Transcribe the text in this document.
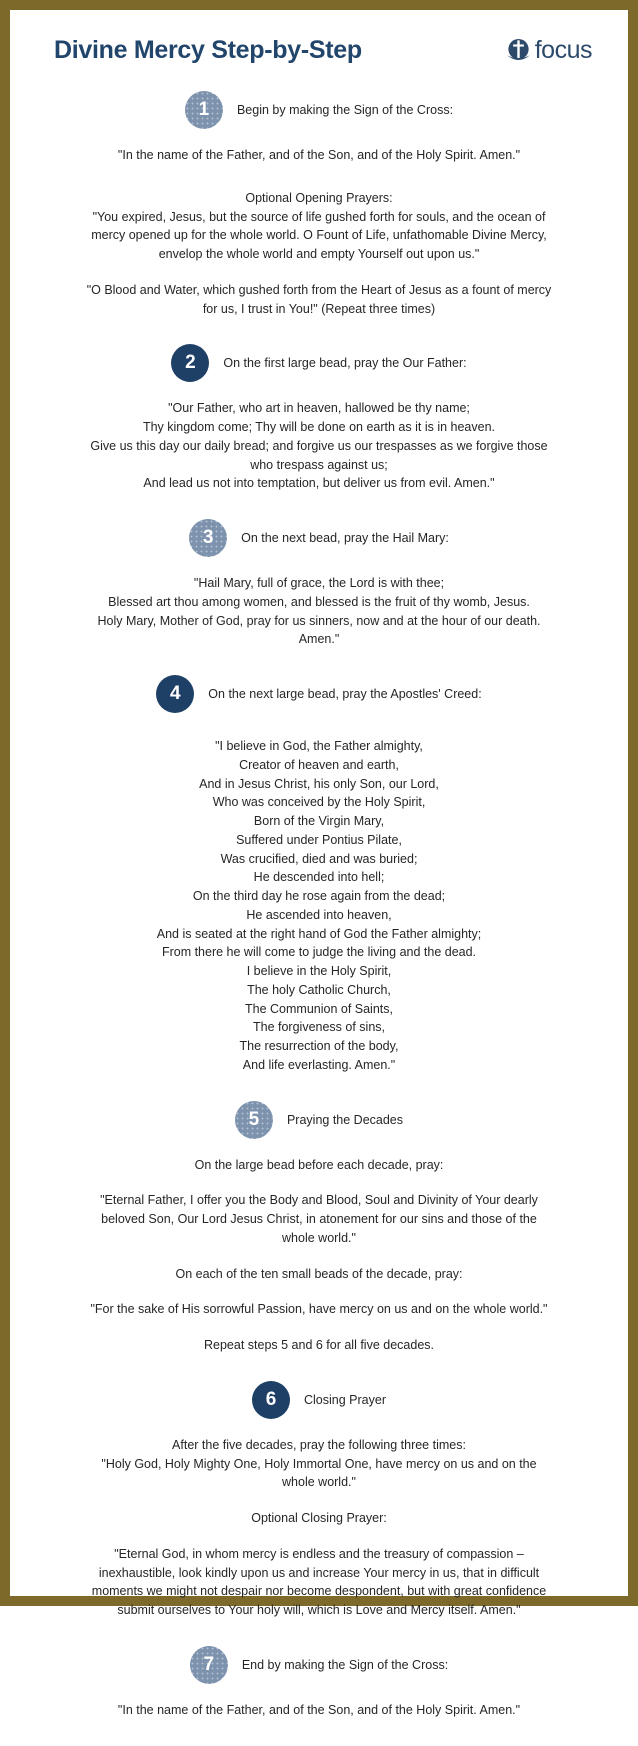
Divine Mercy Step-by-Step	focus
1 Begin by making the Sign of the Cross:
"In the name of the Father, and of the Son, and of the Holy Spirit. Amen."
Optional Opening Prayers:
"You expired, Jesus, but the source of life gushed forth for souls, and the ocean of
mercy opened up for the whole world. O Fount of Life, unfathomable Divine Mercy,
envelop the whole world and empty Yourself out upon us."
"O Blood and Water, which gushed forth from the Heart of Jesus as a fount of mercy
for us, I trust in You!" (Repeat three times)
2 On the first large bead, pray the Our Father:
"Our Father, who art in heaven, hallowed be thy name;
Thy kingdom come; Thy will be done on earth as it is in heaven.
Give us this day our daily bread; and forgive us our trespasses as we forgive those
who trespass against us;
And lead us not into temptation, but deliver us from evil. Amen."
3 On the next bead, pray the Hail Mary:
"Hail Mary, full of grace, the Lord is with thee;
Blessed art thou among women, and blessed is the fruit of thy womb, Jesus.
Holy Mary, Mother of God, pray for us sinners, now and at the hour of our death.
Amen."
4 On the next large bead, pray the Apostles' Creed:
"I believe in God, the Father almighty,
Creator of heaven and earth,
And in Jesus Christ, his only Son, our Lord,
Who was conceived by the Holy Spirit,
Born of the Virgin Mary,
Suffered under Pontius Pilate,
Was crucified, died and was buried;
He descended into hell;
On the third day he rose again from the dead;
He ascended into heaven,
And is seated at the right hand of God the Father almighty;
From there he will come to judge the living and the dead.
I believe in the Holy Spirit,
The holy Catholic Church,
The Communion of Saints,
The forgiveness of sins,
The resurrection of the body,
And life everlasting. Amen."
5 Praying the Decades
On the large bead before each decade, pray:
"Eternal Father, I offer you the Body and Blood, Soul and Divinity of Your dearly
beloved Son, Our Lord Jesus Christ, in atonement for our sins and those of the
whole world."
On each of the ten small beads of the decade, pray:
"For the sake of His sorrowful Passion, have mercy on us and on the whole world."
Repeat steps 5 and 6 for all five decades.
6 Closing Prayer
After the five decades, pray the following three times:
"Holy God, Holy Mighty One, Holy Immortal One, have mercy on us and on the
whole world."
Optional Closing Prayer:
"Eternal God, in whom mercy is endless and the treasury of compassion –
inexhaustible, look kindly upon us and increase Your mercy in us, that in difficult
moments we might not despair nor become despondent, but with great confidence
submit ourselves to Your holy will, which is Love and Mercy itself. Amen."
7 End by making the Sign of the Cross:
"In the name of the Father, and of the Son, and of the Holy Spirit. Amen."
